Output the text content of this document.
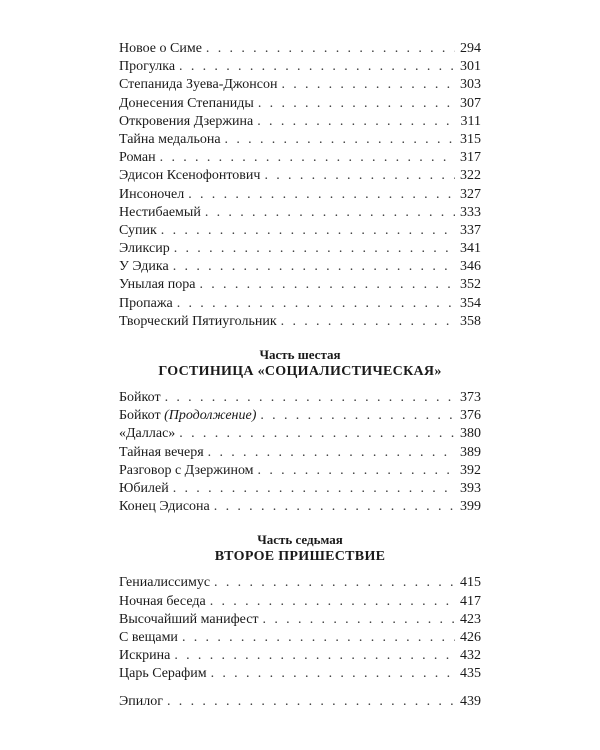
Новое о Симе . . .	294
Прогулка . . .	301
Степанида Зуева-Джонсон . . .	303
Донесения Степаниды . . .	307
Откровения Дзержина . . .	311
Тайна медальона . . .	315
Роман . . .	317
Эдисон Ксенофонтович . . .	322
Инсоночел . . .	327
Нестибаемый . . .	333
Супик . . .	337
Эликсир . . .	341
У Эдика . . .	346
Унылая пора . . .	352
Пропажа . . .	354
Творческий Пятиугольник . . .	358
Часть шестая
ГОСТИНИЦА «СОЦИАЛИСТИЧЕСКАЯ»
Бойкот . . .	373
Бойкот (Продолжение) . . .	376
«Даллас» . . .	380
Тайная вечеря . . .	389
Разговор с Дзержином . . .	392
Юбилей . . .	393
Конец Эдисона . . .	399
Часть седьмая
ВТОРОЕ ПРИШЕСТВИЕ
Гениалиссимус . . .	415
Ночная беседа . . .	417
Высочайший манифест . . .	423
С вещами . . .	426
Искрина . . .	432
Царь Серафим . . .	435
Эпилог . . .	439
